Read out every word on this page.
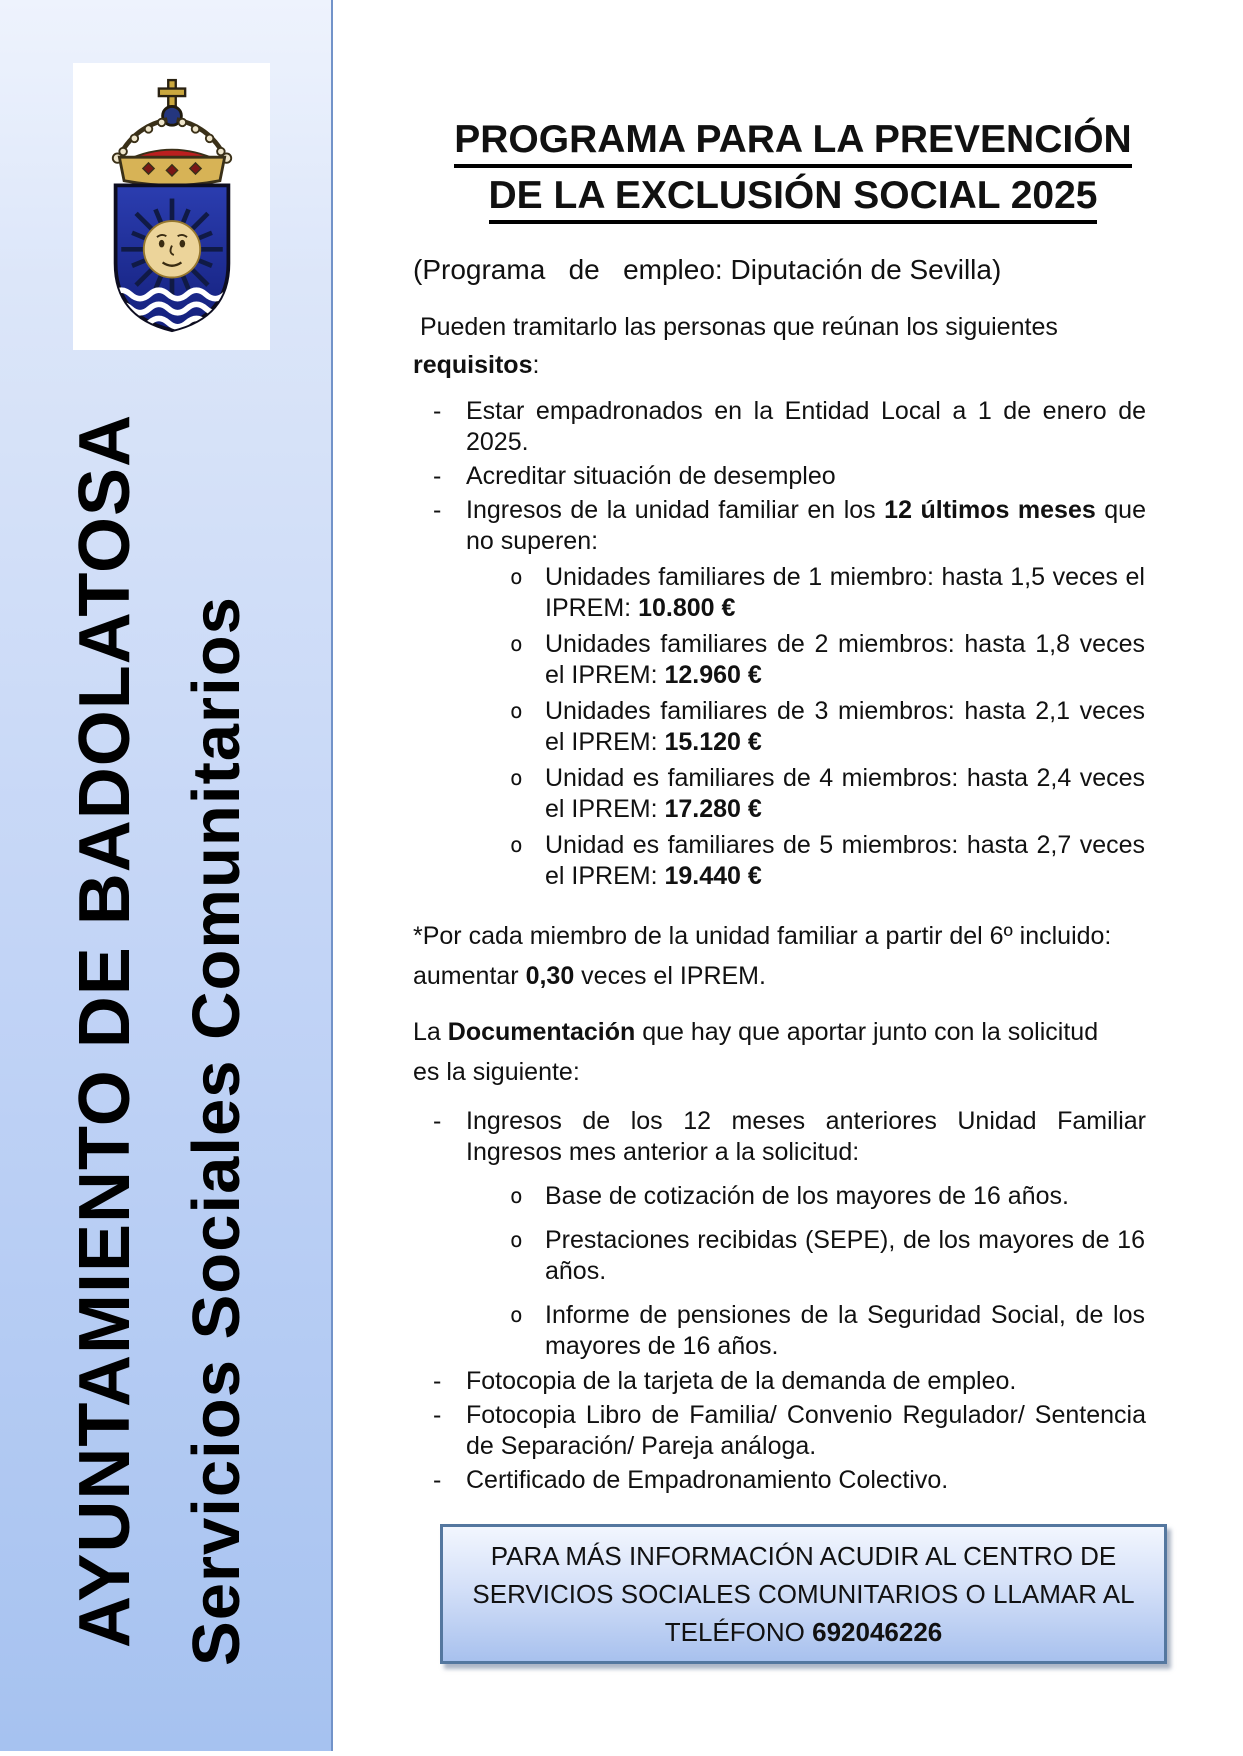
AYUNTAMIENTO DE BADOLATOSA Servicios Sociales Comunitarios
PROGRAMA PARA LA PREVENCIÓN
DE LA EXCLUSIÓN SOCIAL 2025
(Programa   de   empleo: Diputación de Sevilla)

Pueden tramitarlo las personas que reúnan los siguientes requisitos:

- Estar empadronados en la Entidad Local a 1 de enero de 2025.
- Acreditar situación de desempleo
- Ingresos de la unidad familiar en los 12 últimos meses que no superen:
o Unidades familiares de 1 miembro: hasta 1,5 veces el IPREM: 10.800 €
o Unidades familiares de 2 miembros: hasta 1,8 veces el IPREM: 12.960 €
o Unidades familiares de 3 miembros: hasta 2,1 veces el IPREM: 15.120 €
o Unidad es familiares de 4 miembros: hasta 2,4 veces el IPREM: 17.280 €
o Unidad es familiares de 5 miembros: hasta 2,7 veces el IPREM: 19.440 €

*Por cada miembro de la unidad familiar a partir del 6º incluido: aumentar 0,30 veces el IPREM.

La Documentación que hay que aportar junto con la solicitud es la siguiente:

- Ingresos de los 12 meses anteriores Unidad Familiar Ingresos mes anterior a la solicitud:
o Base de cotización de los mayores de 16 años.
o Prestaciones recibidas (SEPE), de los mayores de 16 años.
o Informe de pensiones de la Seguridad Social, de los mayores de 16 años.
- Fotocopia de la tarjeta de la demanda de empleo.
- Fotocopia Libro de Familia/ Convenio Regulador/ Sentencia de Separación/ Pareja análoga.
- Certificado de Empadronamiento Colectivo.
PARA MÁS INFORMACIÓN ACUDIR AL CENTRO DE SERVICIOS SOCIALES COMUNITARIOS O LLAMAR AL TELÉFONO 692046226
